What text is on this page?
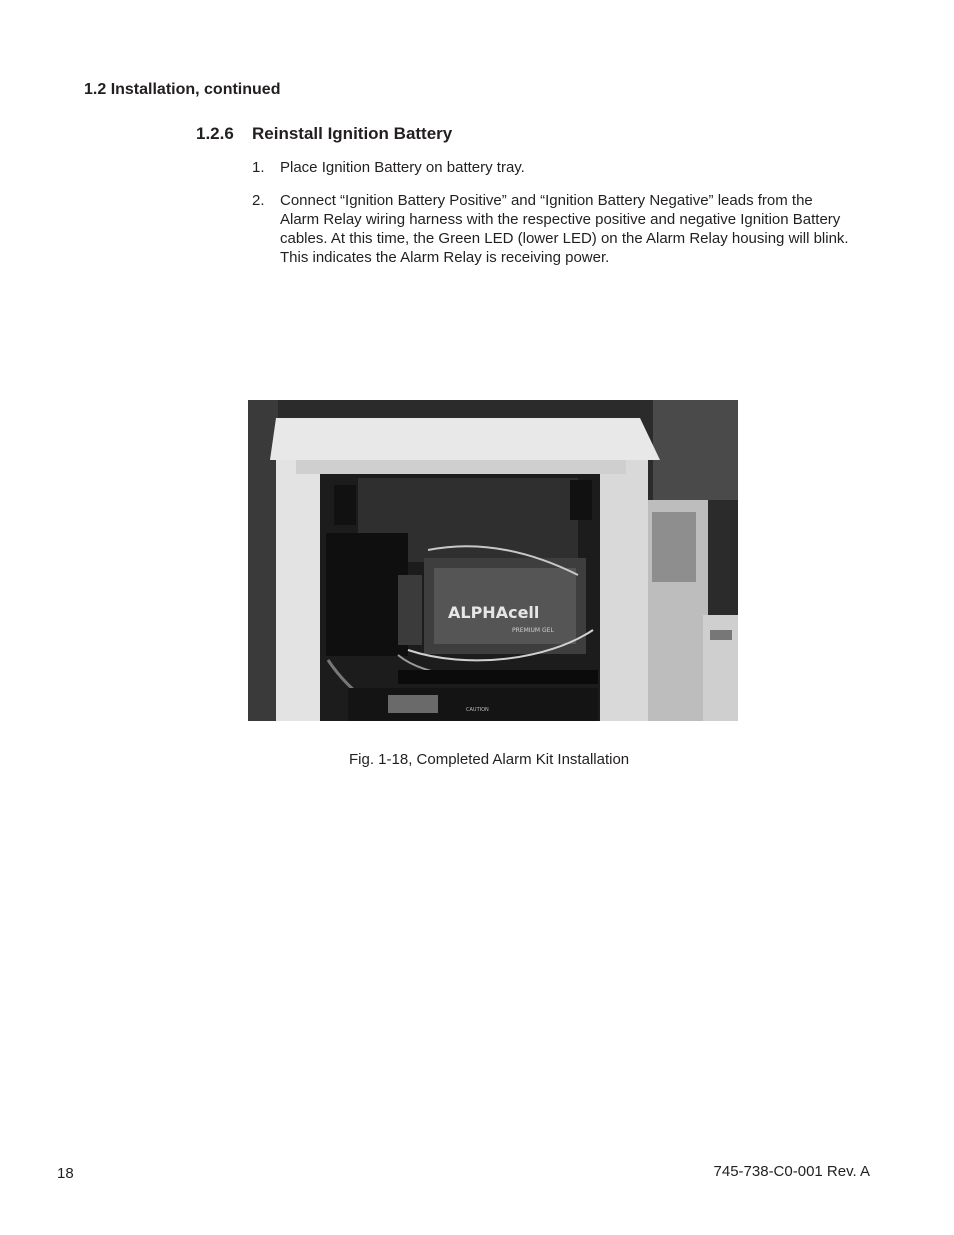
1.2 Installation, continued
1.2.6 Reinstall Ignition Battery
1.	Place Ignition Battery on battery tray.
2.	Connect “Ignition Battery Positive” and “Ignition Battery Negative” leads from the Alarm Relay wiring harness with the respective positive and negative Ignition Battery cables. At this time, the Green LED (lower LED) on the Alarm Relay housing will blink. This indicates the Alarm Relay is receiving power.
ALPHAcell
PREMIUM GEL
CAUTION
Fig. 1-18, Completed Alarm Kit Installation
18	745-738-C0-001 Rev. A
